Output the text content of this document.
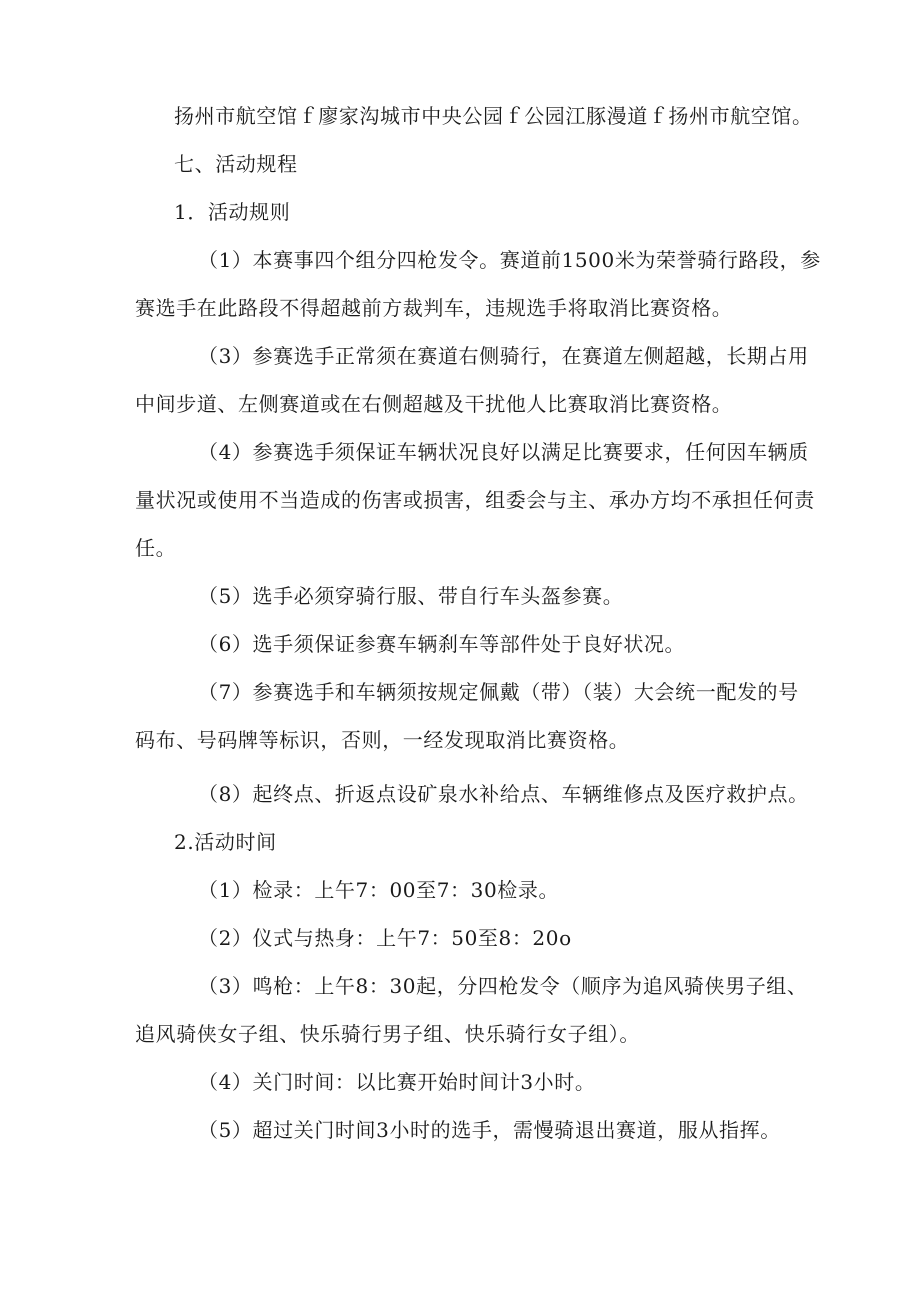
扬州市航空馆ｆ廖家沟城市中央公园ｆ公园江豚漫道ｆ扬州市航空馆。
七、活动规程
1．活动规则
（1）本赛事四个组分四枪发令。赛道前1500米为荣誉骑行路段，参
赛选手在此路段不得超越前方裁判车，违规选手将取消比赛资格。
（3）参赛选手正常须在赛道右侧骑行，在赛道左侧超越，长期占用
中间步道、左侧赛道或在右侧超越及干扰他人比赛取消比赛资格。
（4）参赛选手须保证车辆状况良好以满足比赛要求，任何因车辆质
量状况或使用不当造成的伤害或损害，组委会与主、承办方均不承担任何责
任。
（5）选手必须穿骑行服、带自行车头盔参赛。
（6）选手须保证参赛车辆刹车等部件处于良好状况。
（7）参赛选手和车辆须按规定佩戴（带）（装）大会统一配发的号
码布、号码牌等标识，否则，一经发现取消比赛资格。
（8）起终点、折返点设矿泉水补给点、车辆维修点及医疗救护点。
2.活动时间
（1）检录：上午7：00至7：30检录。
（2）仪式与热身：上午7：50至8：20o
（3）鸣枪：上午8：30起，分四枪发令（顺序为追风骑侠男子组、
追风骑侠女子组、快乐骑行男子组、快乐骑行女子组）。
（4）关门时间：以比赛开始时间计3小时。
（5）超过关门时间3小时的选手，需慢骑退出赛道，服从指挥。
